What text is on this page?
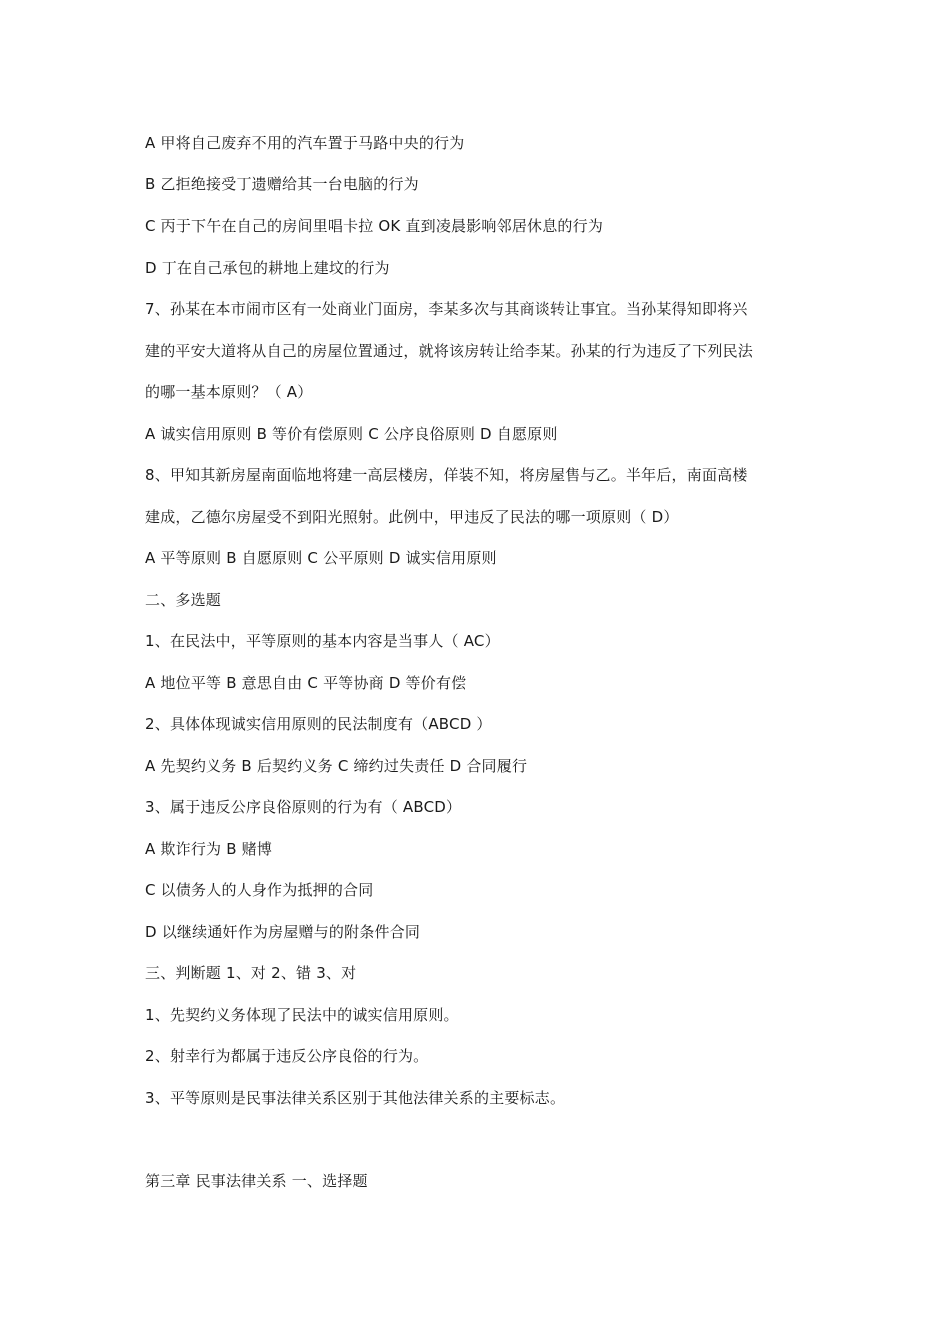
A 甲将自己废弃不用的汽车置于马路中央的行为
B 乙拒绝接受丁遗赠给其一台电脑的行为
C 丙于下午在自己的房间里唱卡拉 OK 直到凌晨影响邻居休息的行为
D 丁在自己承包的耕地上建坟的行为
7、孙某在本市闹市区有一处商业门面房，李某多次与其商谈转让事宜。当孙某得知即将兴
建的平安大道将从自己的房屋位置通过，就将该房转让给李某。孙某的行为违反了下列民法
的哪一基本原则？（ A）
A 诚实信用原则 B 等价有偿原则 C 公序良俗原则 D 自愿原则
8、甲知其新房屋南面临地将建一高层楼房，佯装不知，将房屋售与乙。半年后，南面高楼
建成，乙德尔房屋受不到阳光照射。此例中，甲违反了民法的哪一项原则（ D）
A 平等原则 B 自愿原则 C 公平原则 D 诚实信用原则
二、多选题
1、在民法中，平等原则的基本内容是当事人（ AC）
A 地位平等 B 意思自由 C 平等协商 D 等价有偿
2、具体体现诚实信用原则的民法制度有（ABCD ）
A 先契约义务 B 后契约义务 C 缔约过失责任 D 合同履行
3、属于违反公序良俗原则的行为有（ ABCD）
A 欺诈行为 B 赌博
C 以债务人的人身作为抵押的合同
D 以继续通奸作为房屋赠与的附条件合同
三、判断题 1、对 2、错 3、对
1、先契约义务体现了民法中的诚实信用原则。
2、射幸行为都属于违反公序良俗的行为。
3、平等原则是民事法律关系区别于其他法律关系的主要标志。
第三章 民事法律关系 一、选择题
